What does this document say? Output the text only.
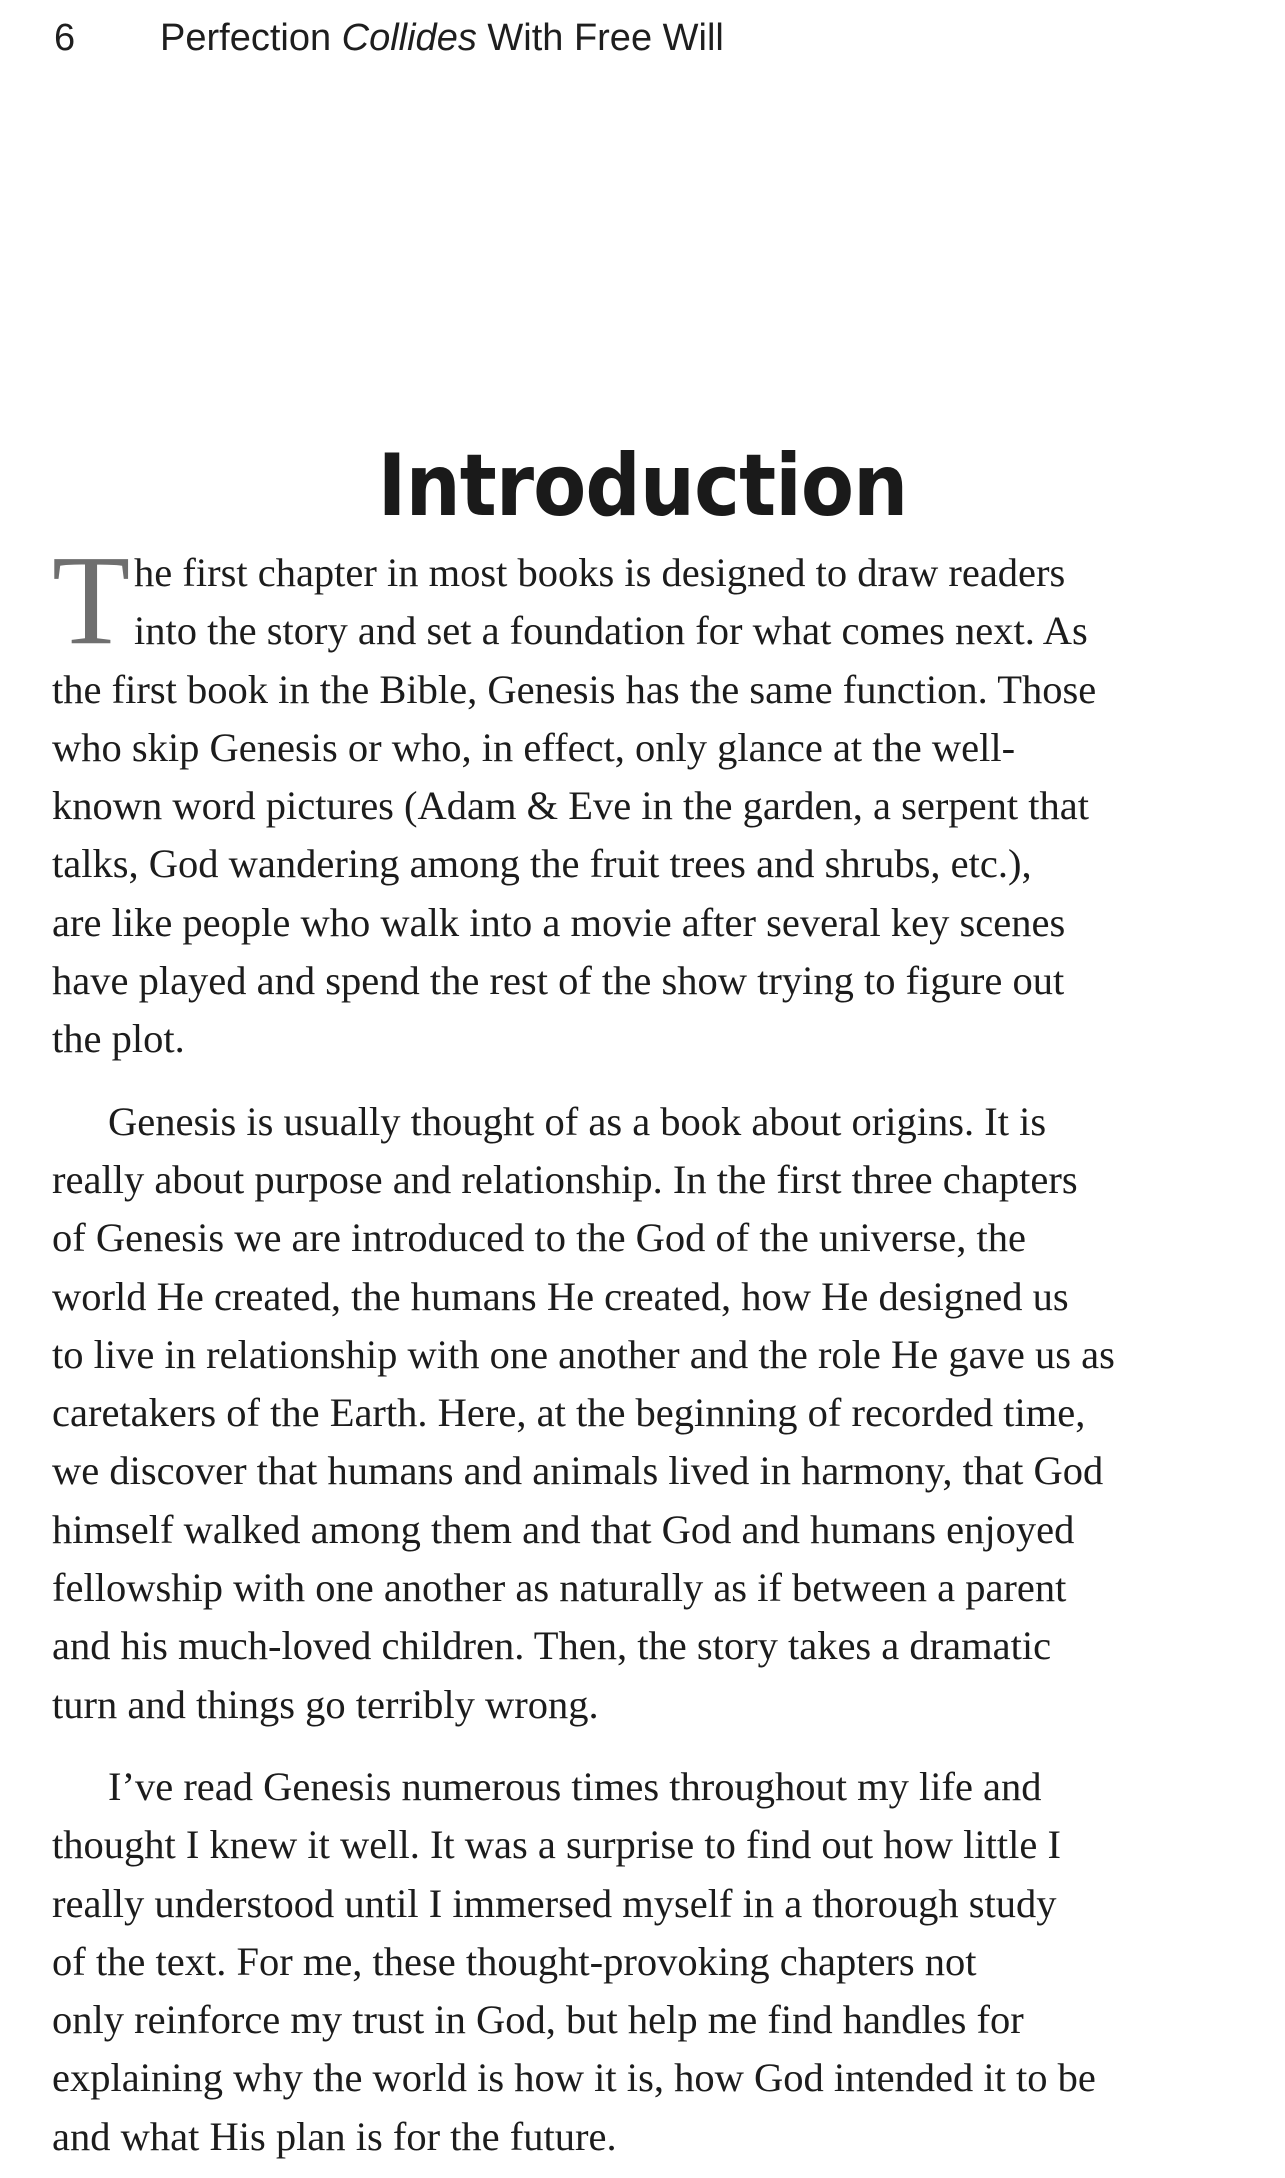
6 Perfection Collides With Free Will
Introduction

T he first chapter in most books is designed to draw readers
into the story and set a foundation for what comes next. As
the first book in the Bible, Genesis has the same function. Those
who skip Genesis or who, in effect, only glance at the well-
known word pictures (Adam & Eve in the garden, a serpent that
talks, God wandering among the fruit trees and shrubs, etc.),
are like people who walk into a movie after several key scenes
have played and spend the rest of the show trying to figure out
the plot.

Genesis is usually thought of as a book about origins. It is
really about purpose and relationship. In the first three chapters
of Genesis we are introduced to the God of the universe, the
world He created, the humans He created, how He designed us
to live in relationship with one another and the role He gave us as
caretakers of the Earth. Here, at the beginning of recorded time,
we discover that humans and animals lived in harmony, that God
himself walked among them and that God and humans enjoyed
fellowship with one another as naturally as if between a parent
and his much-loved children. Then, the story takes a dramatic
turn and things go terribly wrong.

I’ve read Genesis numerous times throughout my life and
thought I knew it well. It was a surprise to find out how little I
really understood until I immersed myself in a thorough study
of the text. For me, these thought-provoking chapters not
only reinforce my trust in God, but help me find handles for
explaining why the world is how it is, how God intended it to be
and what His plan is for the future.
